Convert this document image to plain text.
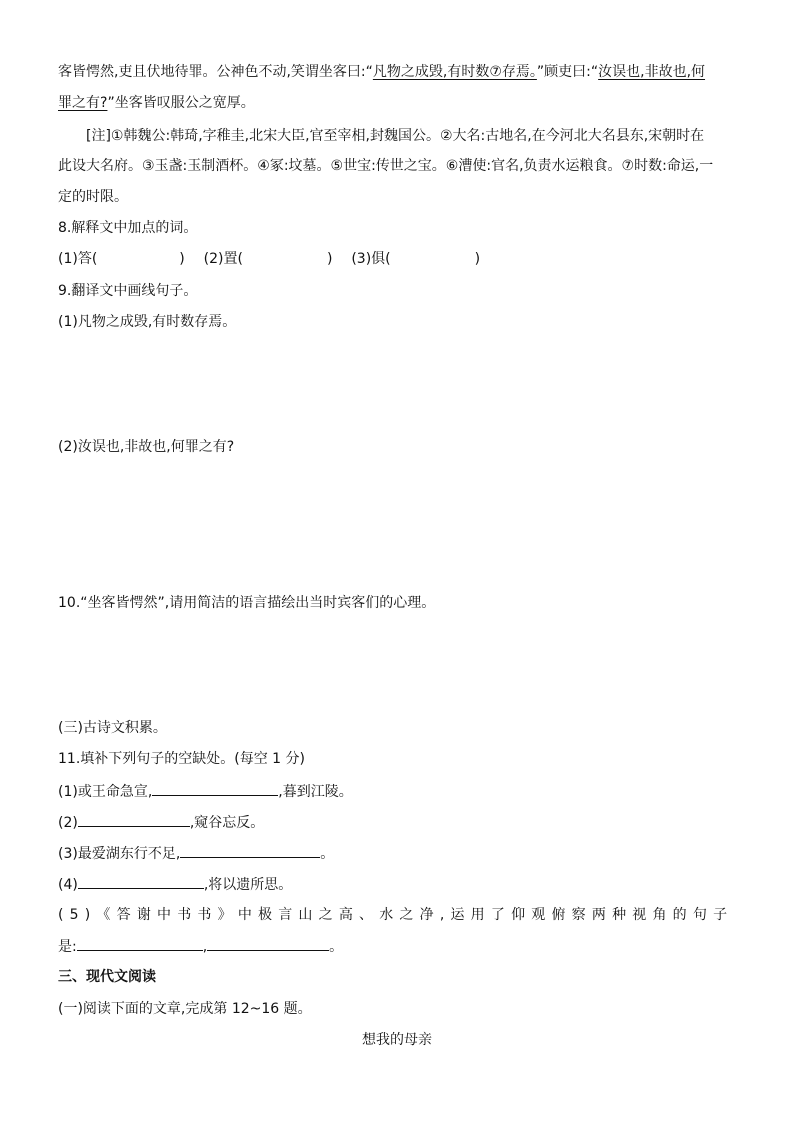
客皆愕然,吏且伏地待罪。公神色不动,笑谓坐客曰:“凡物之成毁,有时数⑦存焉。”顾吏曰:“汝误也,非故也,何
罪之有?”坐客皆叹服公之宽厚。
[注]①韩魏公:韩琦,字稚圭,北宋大臣,官至宰相,封魏国公。②大名:古地名,在今河北大名县东,宋朝时在
此设大名府。③玉盏:玉制酒杯。④冢:坟墓。⑤世宝:传世之宝。⑥漕使:官名,负责水运粮食。⑦时数:命运,一
定的时限。
8.解释文中加点的词。
(1)答(	) (2)置(	) (3)俱(	)
9.翻译文中画线句子。
(1)凡物之成毁,有时数存焉。
(2)汝误也,非故也,何罪之有?
10.“坐客皆愕然”,请用简洁的语言描绘出当时宾客们的心理。
(三)古诗文积累。
11.填补下列句子的空缺处。(每空 1 分)
(1)或王命急宣,	,暮到江陵。
(2)	,窥谷忘反。
(3)最爱湖东行不足,	。
(4)	,将以遗所思。
(5)《答谢中书书》中极言山之高、水之净,运用了仰观俯察两种视角的句子
是:	,	。
三、现代文阅读
(一)阅读下面的文章,完成第 12~16 题。
想我的母亲
